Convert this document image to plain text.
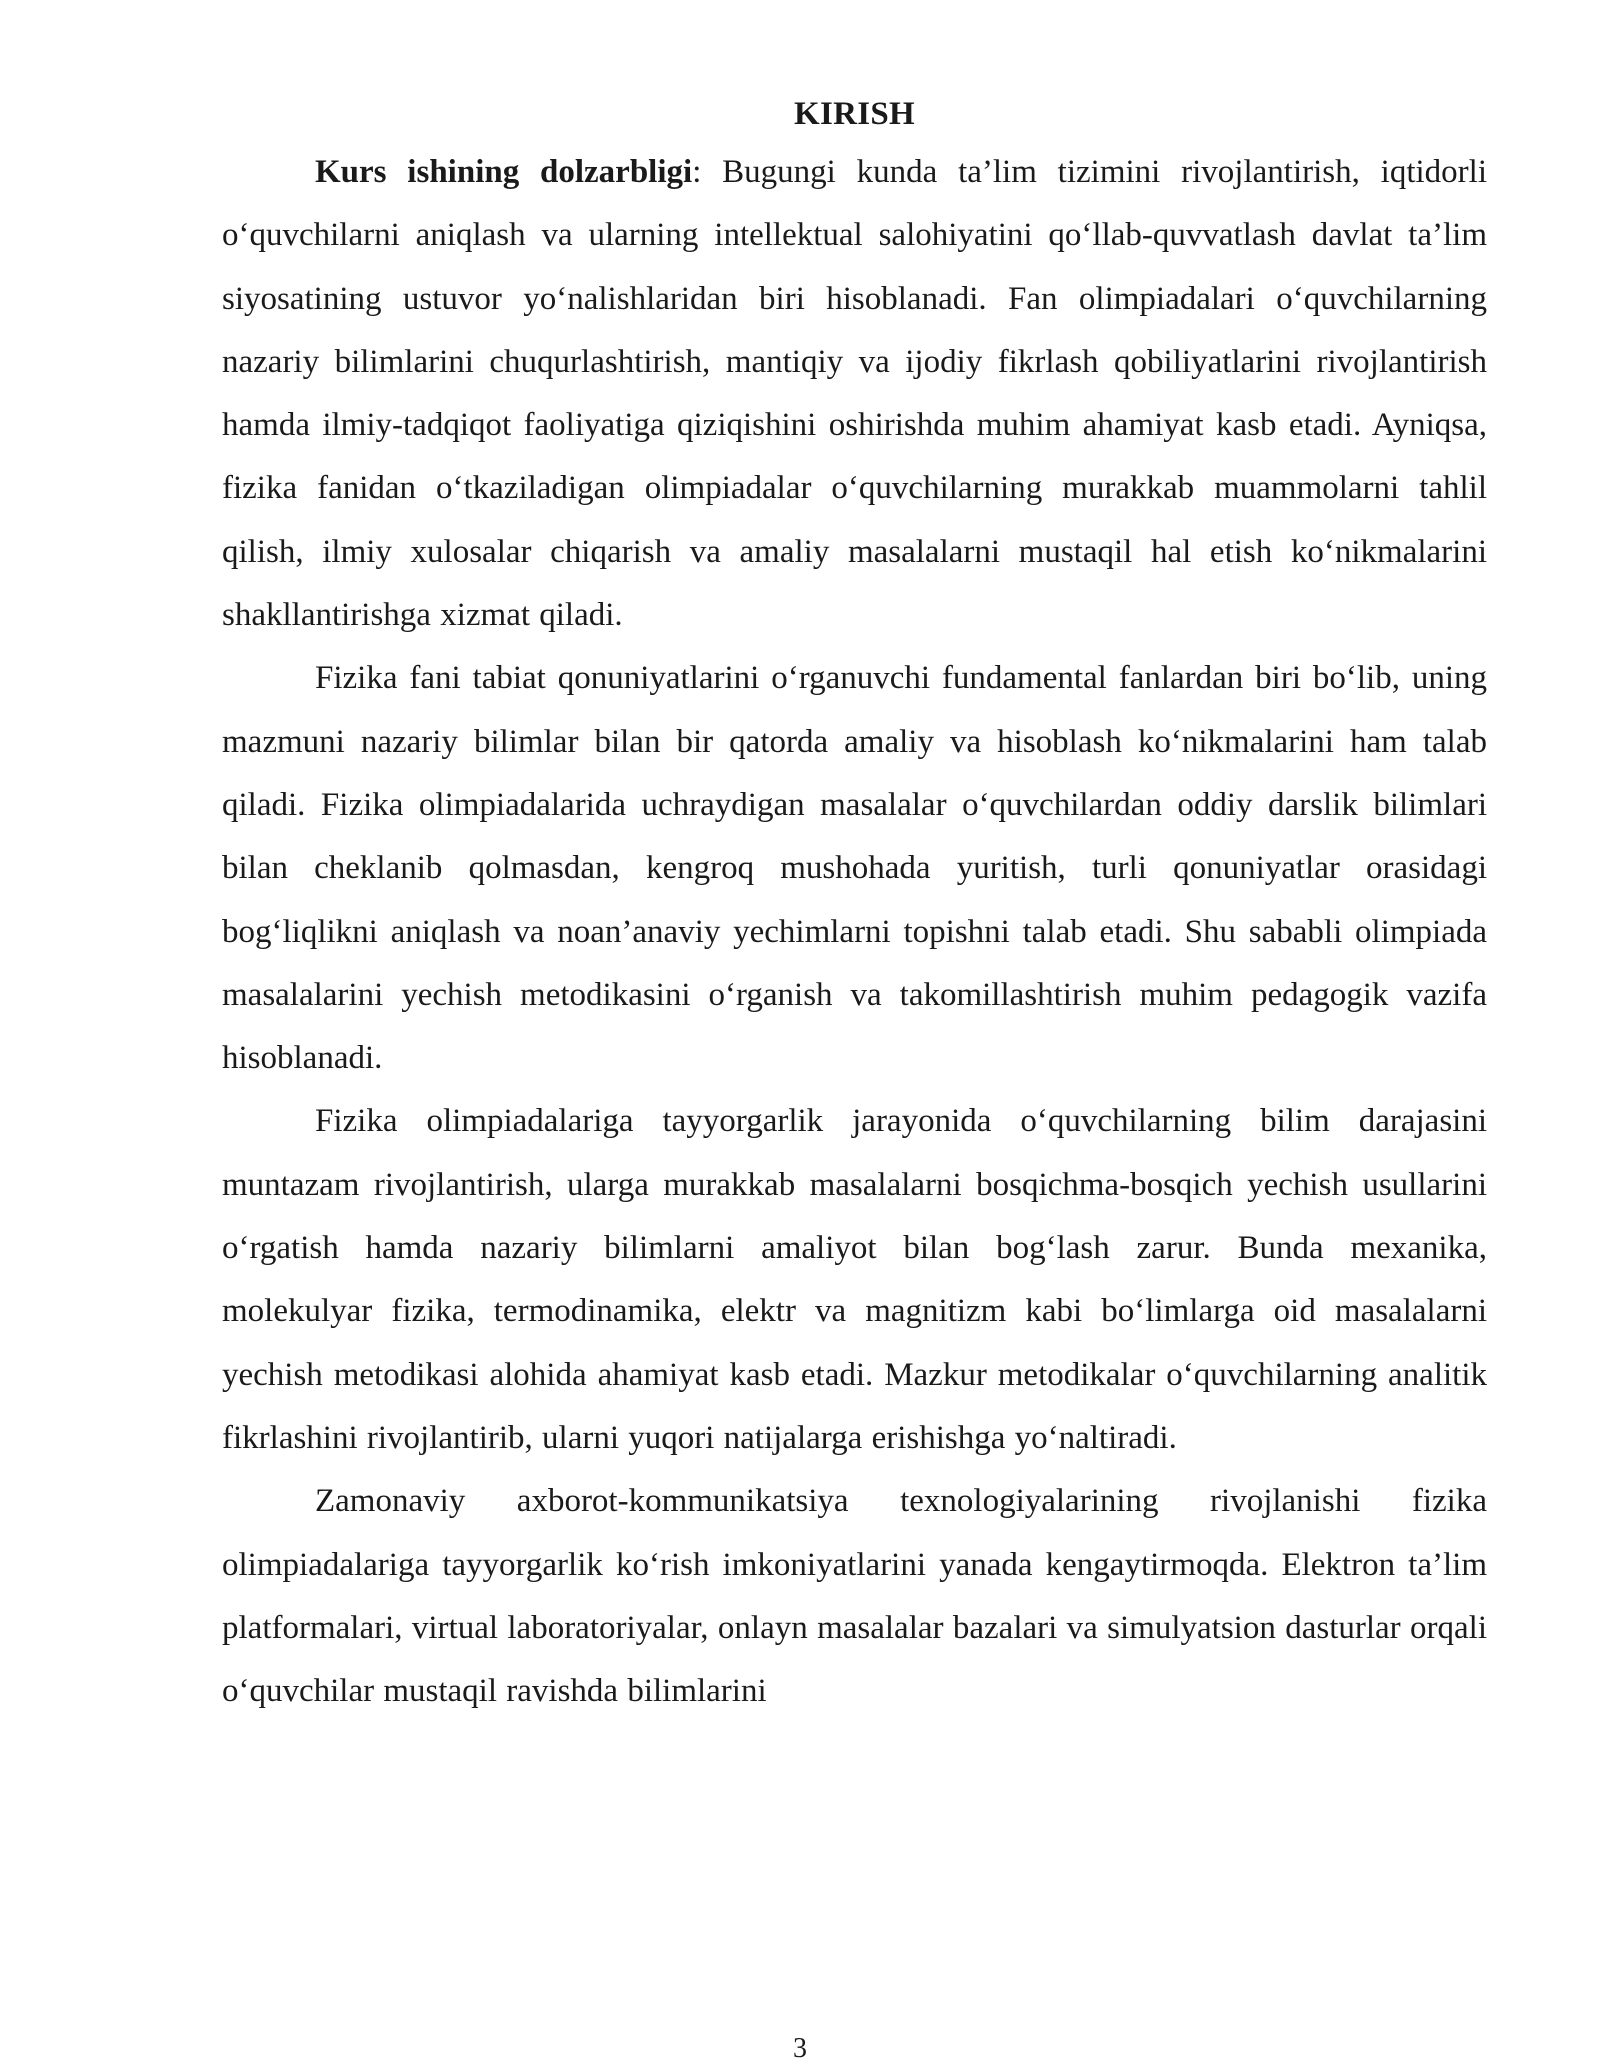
KIRISH

Kurs ishining dolzarbligi: Bugungi kunda ta’lim tizimini rivojlantirish, iqtidorli o‘quvchilarni aniqlash va ularning intellektual salohiyatini qo‘llab-quvvatlash davlat ta’lim siyosatining ustuvor yo‘nalishlaridan biri hisoblanadi. Fan olimpiadalari o‘quvchilarning nazariy bilimlarini chuqurlashtirish, mantiqiy va ijodiy fikrlash qobiliyatlarini rivojlantirish hamda ilmiy-tadqiqot faoliyatiga qiziqishini oshirishda muhim ahamiyat kasb etadi. Ayniqsa, fizika fanidan o‘tkaziladigan olimpiadalar o‘quvchilarning murakkab muammolarni tahlil qilish, ilmiy xulosalar chiqarish va amaliy masalalarni mustaqil hal etish ko‘nikmalarini shakllantirishga xizmat qiladi.

Fizika fani tabiat qonuniyatlarini o‘rganuvchi fundamental fanlardan biri bo‘lib, uning mazmuni nazariy bilimlar bilan bir qatorda amaliy va hisoblash ko‘nikmalarini ham talab qiladi. Fizika olimpiadalarida uchraydigan masalalar o‘quvchilardan oddiy darslik bilimlari bilan cheklanib qolmasdan, kengroq mushohada yuritish, turli qonuniyatlar orasidagi bog‘liqlikni aniqlash va noan’anaviy yechimlarni topishni talab etadi. Shu sababli olimpiada masalalarini yechish metodikasini o‘rganish va takomillashtirish muhim pedagogik vazifa hisoblanadi.

Fizika olimpiadalariga tayyorgarlik jarayonida o‘quvchilarning bilim darajasini muntazam rivojlantirish, ularga murakkab masalalarni bosqichma-bosqich yechish usullarini o‘rgatish hamda nazariy bilimlarni amaliyot bilan bog‘lash zarur. Bunda mexanika, molekulyar fizika, termodinamika, elektr va magnitizm kabi bo‘limlarga oid masalalarni yechish metodikasi alohida ahamiyat kasb etadi. Mazkur metodikalar o‘quvchilarning analitik fikrlashini rivojlantirib, ularni yuqori natijalarga erishishga yo‘naltiradi.

Zamonaviy axborot-kommunikatsiya texnologiyalarining rivojlanishi fizika olimpiadalariga tayyorgarlik ko‘rish imkoniyatlarini yanada kengaytirmoqda. Elektron ta’lim platformalari, virtual laboratoriyalar, onlayn masalalar bazalari va simulyatsion dasturlar orqali o‘quvchilar mustaqil ravishda bilimlarini

3
